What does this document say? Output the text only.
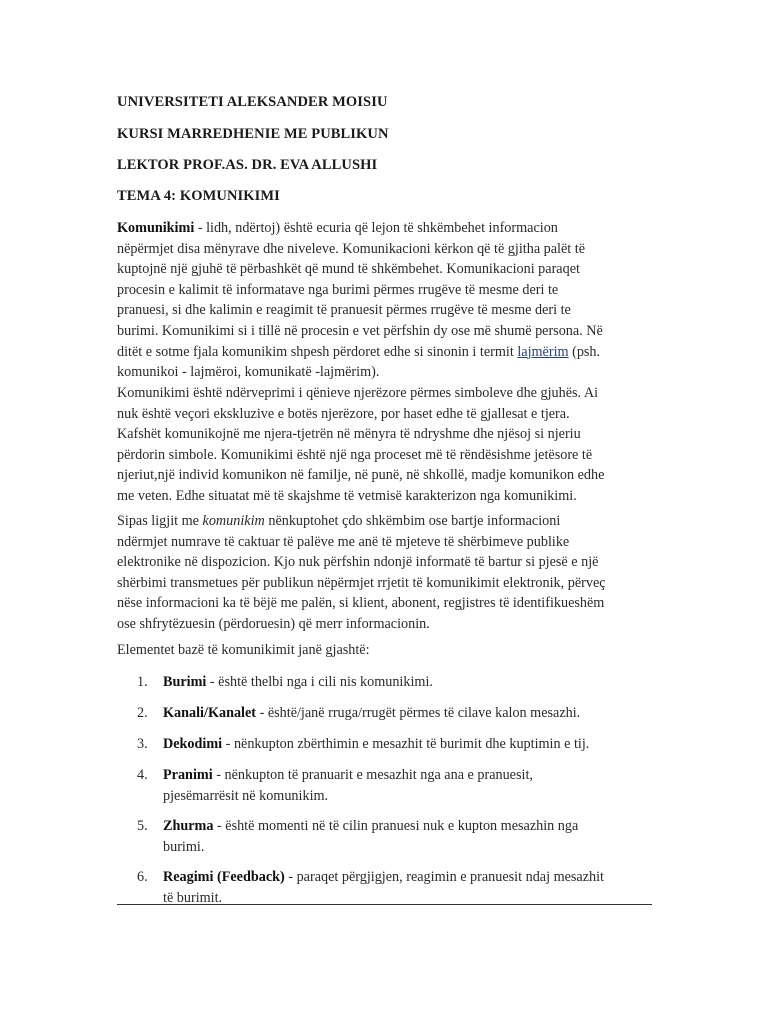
UNIVERSITETI ALEKSANDER MOISIU
KURSI MARREDHENIE ME PUBLIKUN
LEKTOR PROF.AS. DR. EVA ALLUSHI
TEMA 4: KOMUNIKIMI
Komunikimi - lidh, ndërtoj) është ecuria që lejon të shkëmbehet informacion
nëpërmjet disa mënyrave dhe niveleve. Komunikacioni kërkon që të gjitha palët të
kuptojnë një gjuhë të përbashkët që mund të shkëmbehet. Komunikacioni paraqet
procesin e kalimit të informatave nga burimi përmes rrugëve të mesme deri te
pranuesi, si dhe kalimin e reagimit të pranuesit përmes rrugëve të mesme deri te
burimi. Komunikimi si i tillë në procesin e vet përfshin dy ose më shumë persona. Në
ditët e sotme fjala komunikim shpesh përdoret edhe si sinonin i termit lajmërim (psh.
komunikoi - lajmëroi, komunikatë -lajmërim).
Komunikimi është ndërveprimi i qënieve njerëzore përmes simboleve dhe gjuhës. Ai
nuk është veçori ekskluzive e botës njerëzore, por haset edhe të gjallesat e tjera.
Kafshët komunikojnë me njera-tjetrën në mënyra të ndryshme dhe njësoj si njeriu
përdorin simbole. Komunikimi është një nga proceset më të rëndësishme jetësore të
njeriut,një individ komunikon në familje, në punë, në shkollë, madje komunikon edhe
me veten. Edhe situatat më të skajshme të vetmisë karakterizon nga komunikimi.
Sipas ligjit me komunikim nënkuptohet çdo shkëmbim ose bartje informacioni
ndërmjet numrave të caktuar të palëve me anë të mjeteve të shërbimeve publike
elektronike në dispozicion. Kjo nuk përfshin ndonjë informatë të bartur si pjesë e një
shërbimi transmetues për publikun nëpërmjet rrjetit të komunikimit elektronik, përveç
nëse informacioni ka të bëjë me palën, si klient, abonent, regjistres të identifikueshëm
ose shfrytëzuesin (përdoruesin) që merr informacionin.
Elementet bazë të komunikimit janë gjashtë:
1. Burimi - është thelbi nga i cili nis komunikimi.
2. Kanali/Kanalet - është/janë rruga/rrugët përmes të cilave kalon mesazhi.
3. Dekodimi - nënkupton zbërthimin e mesazhit të burimit dhe kuptimin e tij.
4. Pranimi - nënkupton të pranuarit e mesazhit nga ana e pranuesit,
pjesëmarrësit në komunikim.
5. Zhurma - është momenti në të cilin pranuesi nuk e kupton mesazhin nga
burimi.
6. Reagimi (Feedback) - paraqet përgjigjen, reagimin e pranuesit ndaj mesazhit
të burimit.
